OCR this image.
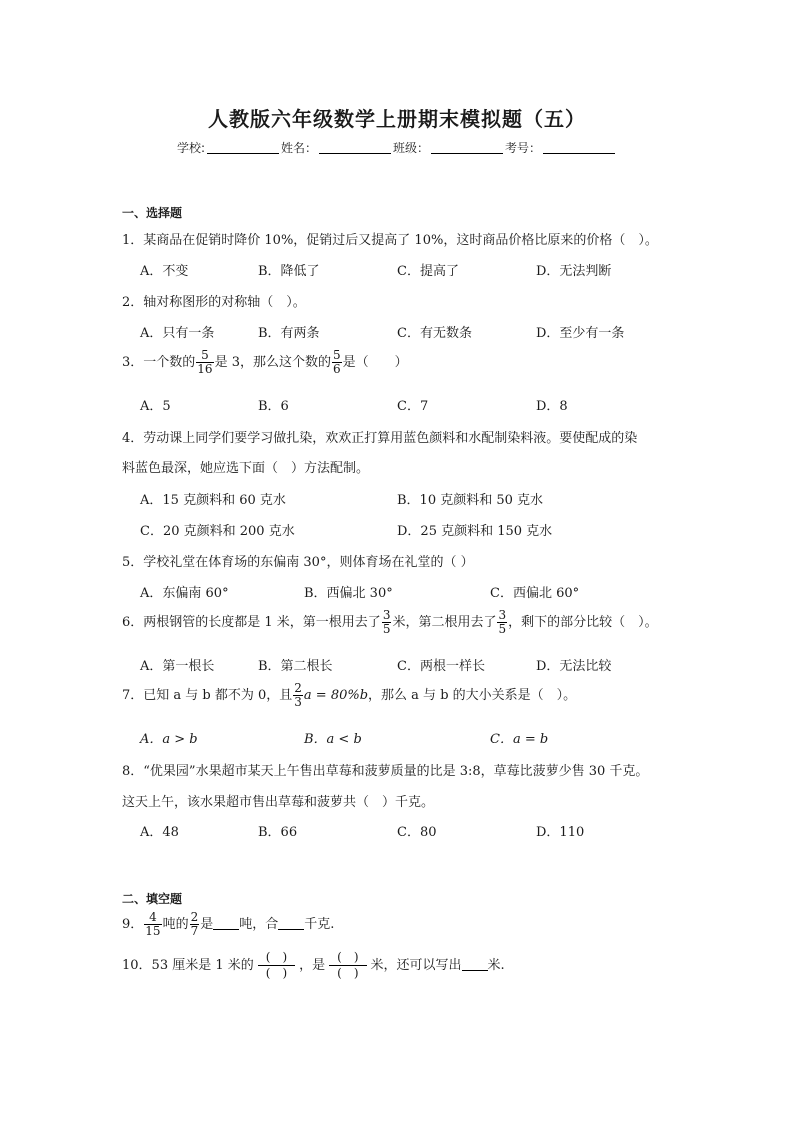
人教版六年级数学上册期末模拟题（五）
学校:	姓名：	班级：	考号：
一、选择题
1．某商品在促销时降价 10%，促销过后又提高了 10%，这时商品价格比原来的价格（　）。
A．不变	B．降低了	C．提高了	D．无法判断
2．轴对称图形的对称轴（　）。
A．只有一条	B．有两条	C．有无数条	D．至少有一条
3．一个数的 $\frac{5}{16}$ 是 3，那么这个数的 $\frac{5}{6}$ 是（　　）
A．5	B．6	C．7	D．8
4．劳动课上同学们要学习做扎染，欢欢正打算用蓝色颜料和水配制染料液。要使配成的染
料蓝色最深，她应选下面（　）方法配制。
A．15 克颜料和 60 克水	B．10 克颜料和 50 克水
C．20 克颜料和 200 克水	D．25 克颜料和 150 克水
5．学校礼堂在体育场的东偏南 30°，则体育场在礼堂的（ ）
A．东偏南 60°	B．西偏北 30°	C．西偏北 60°
6．两根钢管的长度都是 1 米，第一根用去了 $\frac{3}{5}$ 米，第二根用去了 $\frac{3}{5}$ ，剩下的部分比较（　）。
A．第一根长	B．第二根长	C．两根一样长	D．无法比较
7．已知 a 与 b 都不为 0，且 $\frac{2}{3}$ a = 80%b，那么 a 与 b 的大小关系是（　）。
A．a > b	B．a < b	C．a = b
8．“优果园”水果超市某天上午售出草莓和菠萝质量的比是 3:8，草莓比菠萝少售 30 千克。
这天上午，该水果超市售出草莓和菠萝共（　）千克。
A．48	B．66	C．80	D．110
二、填空题
9． $\frac{4}{15}$ 吨的 $\frac{2}{7}$ 是 吨，合 千克.
10．53 厘米是 1 米的 $\frac{( )}{( )}$ ，是 $\frac{( )}{( )}$ 米，还可以写出 米.
